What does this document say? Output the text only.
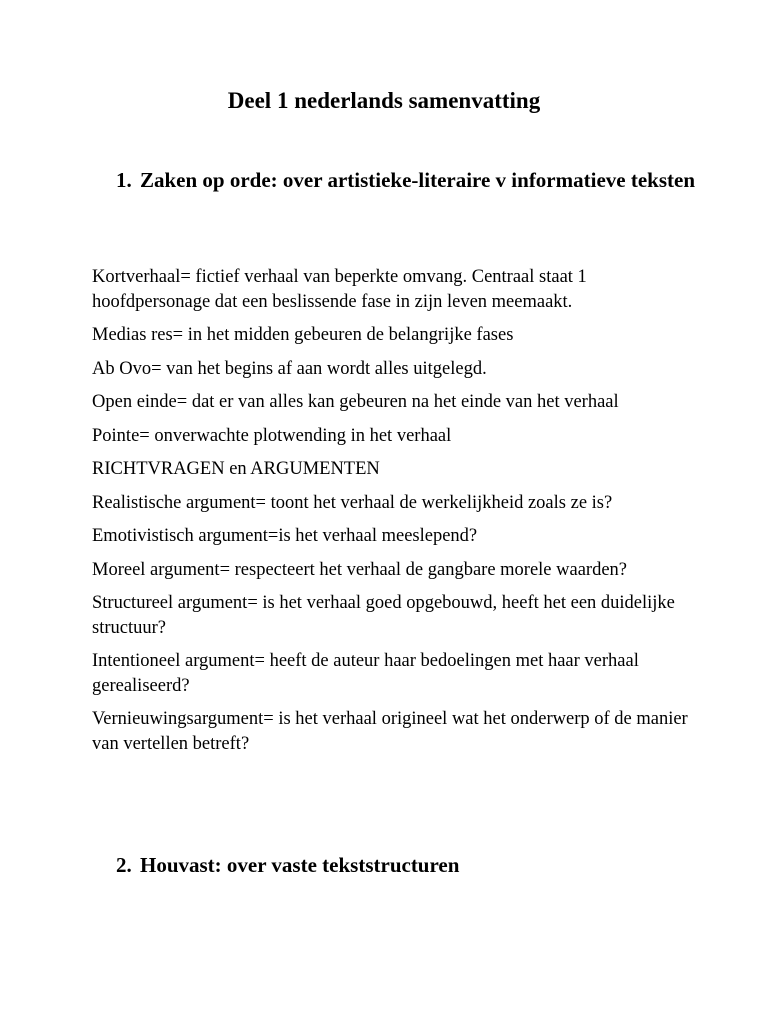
Deel 1 nederlands samenvatting
1. Zaken op orde: over artistieke-literaire v informatieve teksten

Kortverhaal= fictief verhaal van beperkte omvang. Centraal staat 1 hoofdpersonage dat een beslissende fase in zijn leven meemaakt.

Medias res= in het midden gebeuren de belangrijke fases

Ab Ovo= van het begins af aan wordt alles uitgelegd.

Open einde= dat er van alles kan gebeuren na het einde van het verhaal

Pointe= onverwachte plotwending in het verhaal

RICHTVRAGEN en ARGUMENTEN

Realistische argument= toont het verhaal de werkelijkheid zoals ze is?

Emotivistisch argument=is het verhaal meeslepend?

Moreel argument= respecteert het verhaal de gangbare morele waarden?

Structureel argument= is het verhaal goed opgebouwd, heeft het een duidelijke structuur?

Intentioneel argument= heeft de auteur haar bedoelingen met haar verhaal gerealiseerd?

Vernieuwingsargument= is het verhaal origineel wat het onderwerp of de manier van vertellen betreft?

2. Houvast: over vaste tekststructuren
